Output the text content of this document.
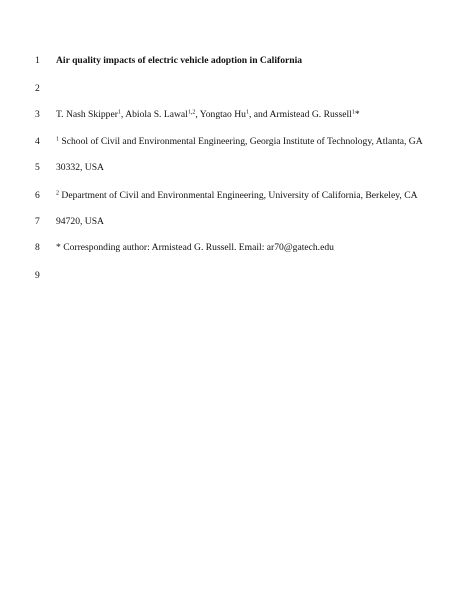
1	Air quality impacts of electric vehicle adoption in California
2
3	T. Nash Skipper$^1$, Abiola S. Lawal$^{1,2}$, Yongtao Hu$^1$, and Armistead G. Russell$^1$*
4	$^1$ School of Civil and Environmental Engineering, Georgia Institute of Technology, Atlanta, GA
5	30332, USA
6	$^2$ Department of Civil and Environmental Engineering, University of California, Berkeley, CA
7	94720, USA
8	* Corresponding author: Armistead G. Russell. Email: ar70@gatech.edu
9
